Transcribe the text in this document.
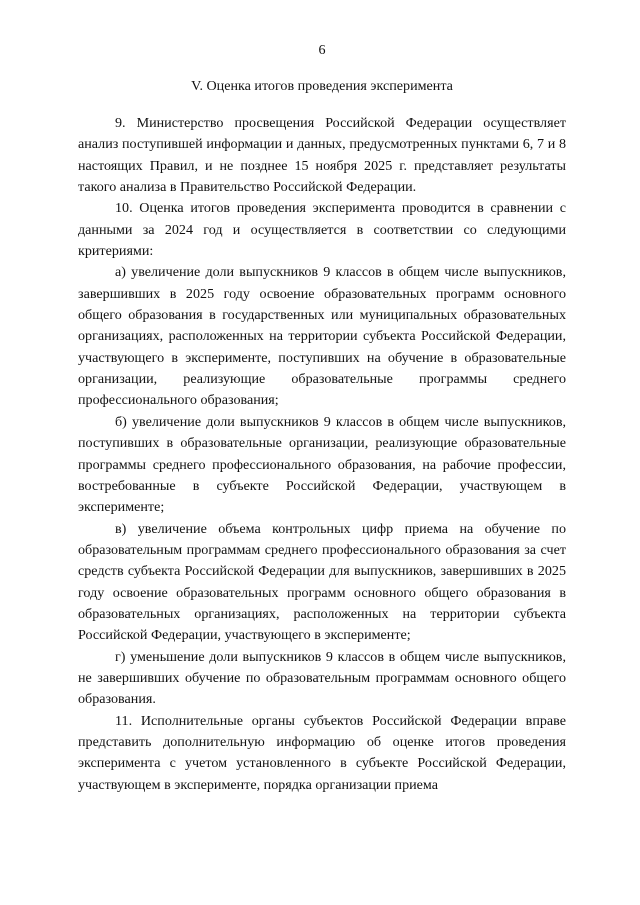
6
V. Оценка итогов проведения эксперимента

9. Министерство просвещения Российской Федерации осуществляет анализ поступившей информации и данных, предусмотренных пунктами 6, 7 и 8 настоящих Правил, и не позднее 15 ноября 2025 г. представляет результаты такого анализа в Правительство Российской Федерации.

10. Оценка итогов проведения эксперимента проводится в сравнении с данными за 2024 год и осуществляется в соответствии со следующими критериями:

а) увеличение доли выпускников 9 классов в общем числе выпускников, завершивших в 2025 году освоение образовательных программ основного общего образования в государственных или муниципальных образовательных организациях, расположенных на территории субъекта Российской Федерации, участвующего в эксперименте, поступивших на обучение в образовательные организации, реализующие образовательные программы среднего профессионального образования;

б) увеличение доли выпускников 9 классов в общем числе выпускников, поступивших в образовательные организации, реализующие образовательные программы среднего профессионального образования, на рабочие профессии, востребованные в субъекте Российской Федерации, участвующем в эксперименте;

в) увеличение объема контрольных цифр приема на обучение по образовательным программам среднего профессионального образования за счет средств субъекта Российской Федерации для выпускников, завершивших в 2025 году освоение образовательных программ основного общего образования в образовательных организациях, расположенных на территории субъекта Российской Федерации, участвующего в эксперименте;

г) уменьшение доли выпускников 9 классов в общем числе выпускников, не завершивших обучение по образовательным программам основного общего образования.

11. Исполнительные органы субъектов Российской Федерации вправе представить дополнительную информацию об оценке итогов проведения эксперимента с учетом установленного в субъекте Российской Федерации, участвующем в эксперименте, порядка организации приема
